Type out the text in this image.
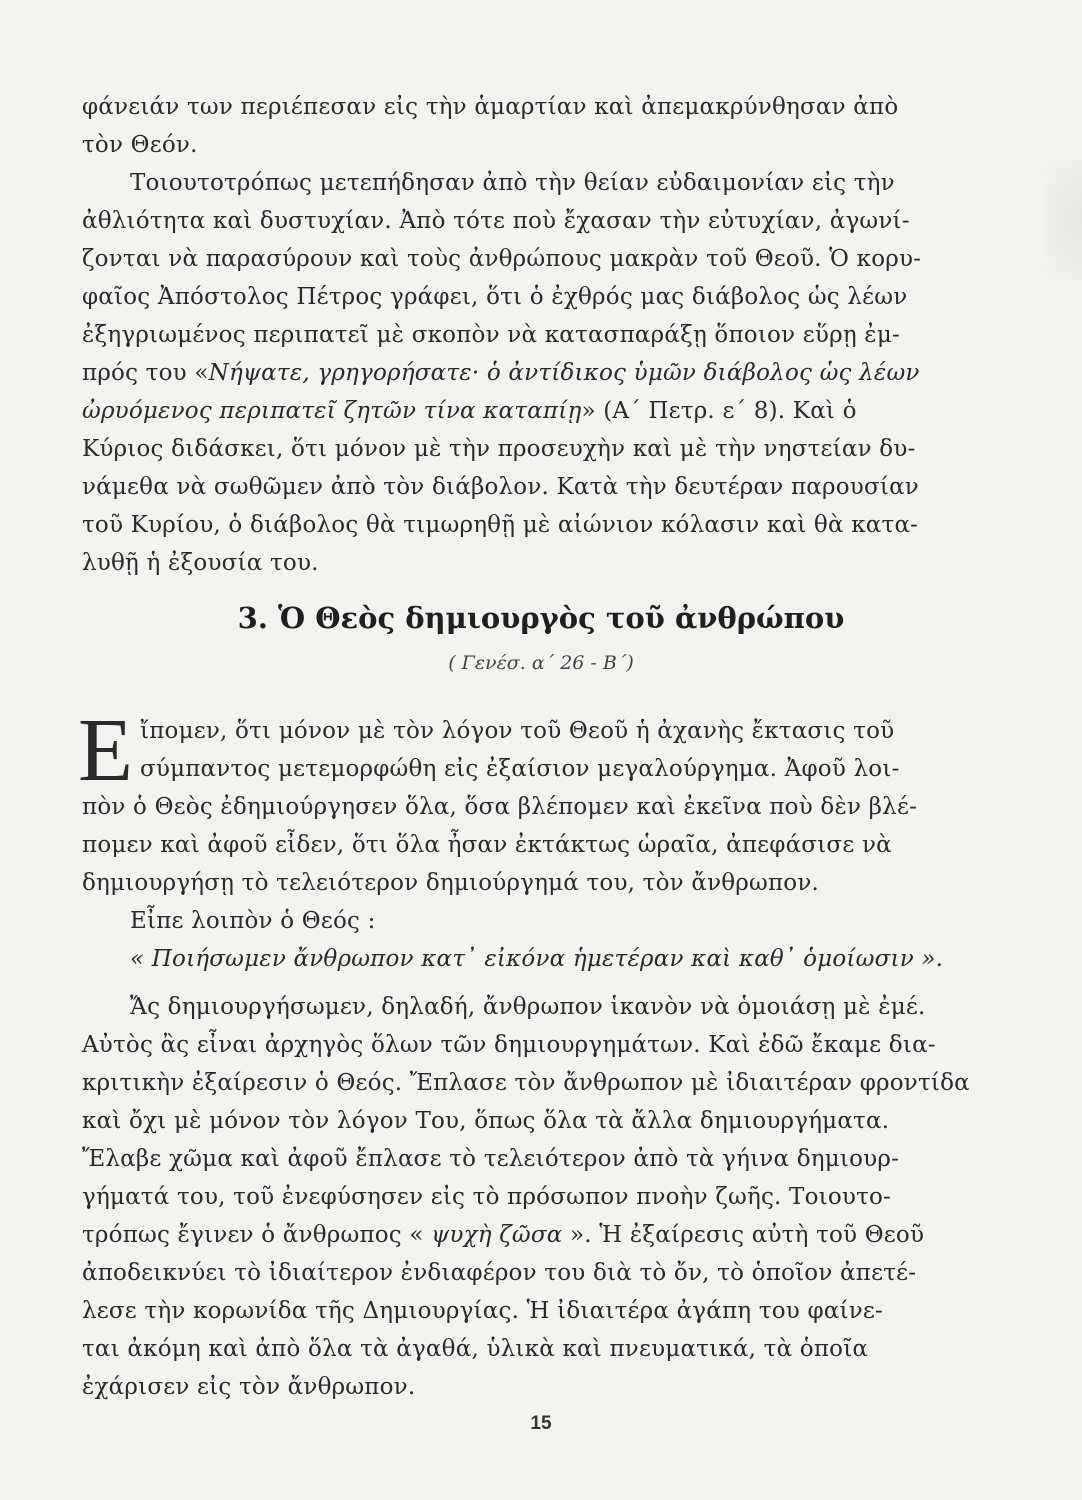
φάνειάν των περιέπεσαν εἰς τὴν ἁμαρτίαν καὶ ἀπεμακρύνθησαν ἀπὸ
τὸν Θεόν.
Τοιουτοτρόπως μετεπήδησαν ἀπὸ τὴν θείαν εὐδαιμονίαν εἰς τὴν
ἀθλιότητα καὶ δυστυχίαν. Ἀπὸ τότε ποὺ ἔχασαν τὴν εὐτυχίαν, ἀγωνί-
ζονται νὰ παρασύρουν καὶ τοὺς ἀνθρώπους μακρὰν τοῦ Θεοῦ. Ὁ κορυ-
φαῖος Ἀπόστολος Πέτρος γράφει, ὅτι ὁ ἐχθρός μας διάβολος ὡς λέων
ἐξηγριωμένος περιπατεῖ μὲ σκοπὸν νὰ κατασπαράξῃ ὅποιον εὕρῃ ἐμ-
πρός του «Νήψατε, γρηγορήσατε· ὁ ἀντίδικος ὑμῶν διάβολος ὡς λέων
ὠρυόμενος περιπατεῖ ζητῶν τίνα καταπίῃ» (Α΄ Πετρ. ε΄ 8). Καὶ ὁ
Κύριος διδάσκει, ὅτι μόνον μὲ τὴν προσευχὴν καὶ μὲ τὴν νηστείαν δυ-
νάμεθα νὰ σωθῶμεν ἀπὸ τὸν διάβολον. Κατὰ τὴν δευτέραν παρουσίαν
τοῦ Κυρίου, ὁ διάβολος θὰ τιμωρηθῇ μὲ αἰώνιον κόλασιν καὶ θὰ κατα-
λυθῇ ἡ ἐξουσία του.
3. Ὁ Θεὸς δημιουργὸς τοῦ ἀνθρώπου
( Γενέσ. α΄ 26 - Β΄)
Ε ἴπομεν, ὅτι μόνον μὲ τὸν λόγον τοῦ Θεοῦ ἡ ἀχανὴς ἔκτασις τοῦ
σύμπαντος μετεμορφώθη εἰς ἐξαίσιον μεγαλούργημα. Ἀφοῦ λοι-
πὸν ὁ Θεὸς ἐδημιούργησεν ὅλα, ὅσα βλέπομεν καὶ ἐκεῖνα ποὺ δὲν βλέ-
πομεν καὶ ἀφοῦ εἶδεν, ὅτι ὅλα ἦσαν ἐκτάκτως ὡραῖα, ἀπεφάσισε νὰ
δημιουργήσῃ τὸ τελειότερον δημιούργημά του, τὸν ἄνθρωπον.
Εἶπε λοιπὸν ὁ Θεός :
« Ποιήσωμεν ἄνθρωπον κατ᾿ εἰκόνα ἡμετέραν καὶ καθ᾿ ὁμοίωσιν ».
Ἄς δημιουργήσωμεν, δηλαδή, ἄνθρωπον ἱκανὸν νὰ ὁμοιάσῃ μὲ ἐμέ.
Αὐτὸς ἂς εἶναι ἀρχηγὸς ὅλων τῶν δημιουργημάτων. Καὶ ἐδῶ ἔκαμε δια-
κριτικὴν ἐξαίρεσιν ὁ Θεός. Ἔπλασε τὸν ἄνθρωπον μὲ ἰδιαιτέραν φροντίδα
καὶ ὄχι μὲ μόνον τὸν λόγον Του, ὅπως ὅλα τὰ ἄλλα δημιουργήματα.
Ἔλαβε χῶμα καὶ ἀφοῦ ἔπλασε τὸ τελειότερον ἀπὸ τὰ γήινα δημιουρ-
γήματά του, τοῦ ἐνεφύσησεν εἰς τὸ πρόσωπον πνοὴν ζωῆς. Τοιουτο-
τρόπως ἔγινεν ὁ ἄνθρωπος « ψυχὴ ζῶσα ». Ἡ ἐξαίρεσις αὐτὴ τοῦ Θεοῦ
ἀποδεικνύει τὸ ἰδιαίτερον ἐνδιαφέρον του διὰ τὸ ὄν, τὸ ὁποῖον ἀπετέ-
λεσε τὴν κορωνίδα τῆς Δημιουργίας. Ἡ ἰδιαιτέρα ἀγάπη του φαίνε-
ται ἀκόμη καὶ ἀπὸ ὅλα τὰ ἀγαθά, ὑλικὰ καὶ πνευματικά, τὰ ὁποῖα
ἐχάρισεν εἰς τὸν ἄνθρωπον.
15
